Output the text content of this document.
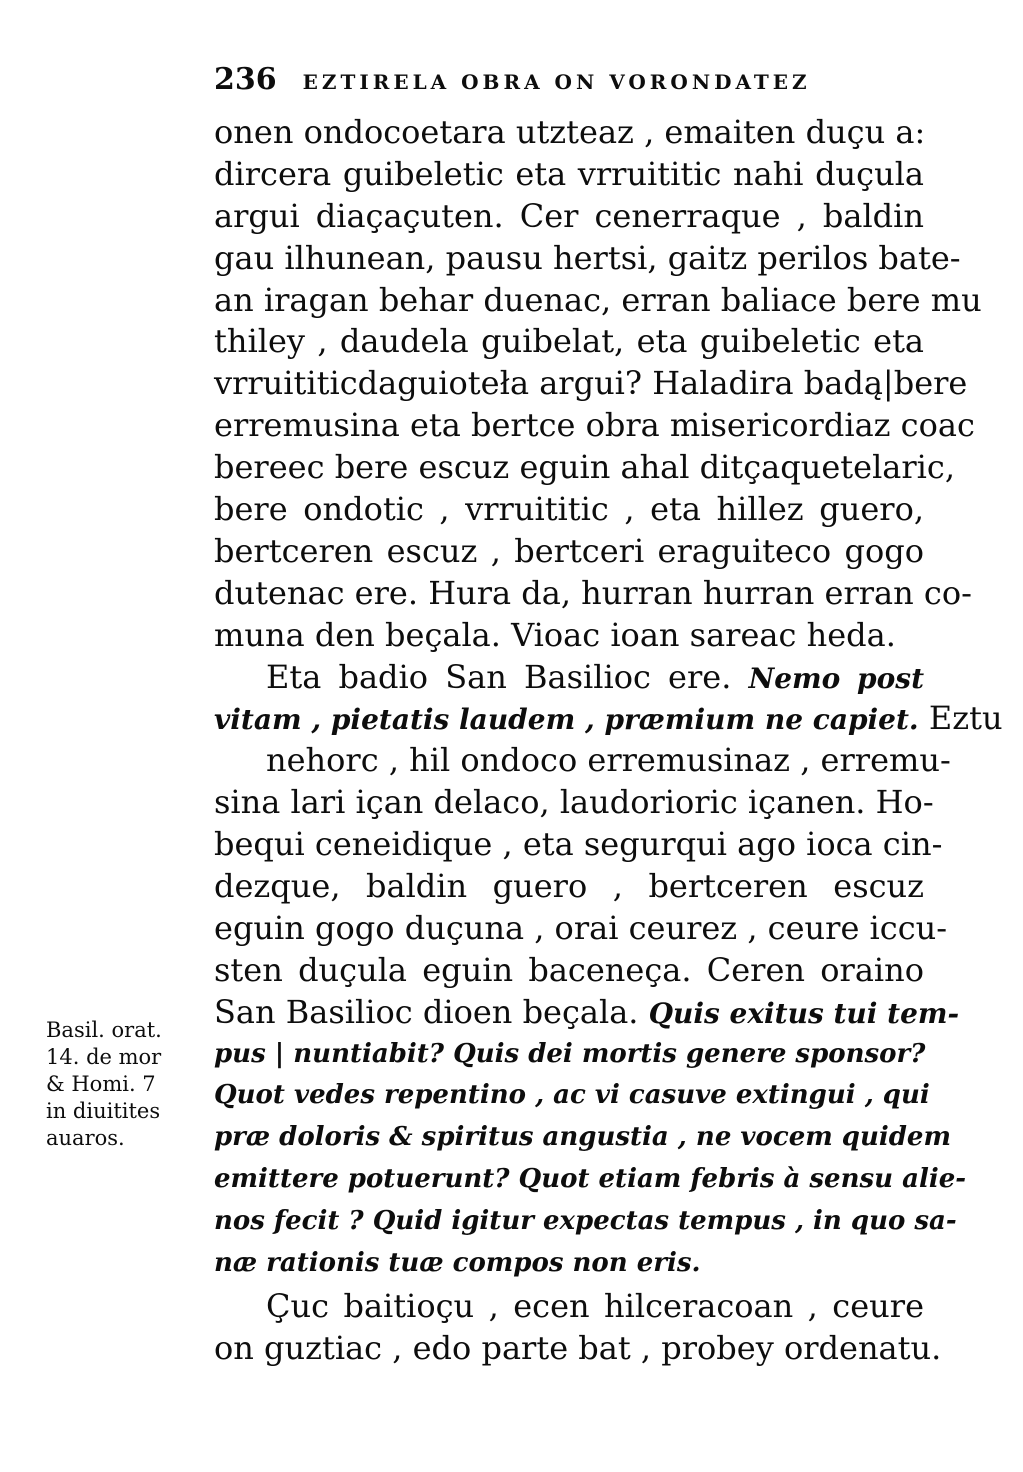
236 EZTIRELA OBRA ON VORONDATEZ
onen ondocoetara utzteaz , emaiten duçu a:
dircera guibeletic eta vrruititic nahi duçula
argui diaçaçuten. Cer cenerraque , baldin
gau ilhunean, pausu hertsi, gaitz perilos bate-
an iragan behar duenac, erran baliace bere mu
thiley , daudela guibelat, eta guibeletic eta
vrruititicdaguioteła argui? Haladira badą|bere
erremusina eta bertce obra misericordiaz coac
bereec bere escuz eguin ahal ditçaquetelaric,
bere ondotic , vrruititic , eta hillez guero,
bertceren escuz , bertceri eraguiteco gogo
dutenac ere. Hura da, hurran hurran erran co-
muna den beçala. Vioac ioan sareac heda.
Eta badio San Basilioc ere. Nemo post
vitam , pietatis laudem , præmium ne capiet. Eztu
nehorc , hil ondoco erremusinaz , erremu-
sina lari içan delaco, laudorioric içanen. Ho-
bequi ceneidique , eta segurqui ago ioca cin-
dezque, baldin guero , bertceren escuz
eguin gogo duçuna , orai ceurez , ceure iccu-
sten duçula eguin baceneça. Ceren oraino
San Basilioc dioen beçala. Quis exitus tui tem-
pus | nuntiabit? Quis dei mortis genere sponsor?
Quot vedes repentino , ac vi casuve extingui , qui
præ doloris & spiritus angustia , ne vocem quidem
emittere potuerunt? Quot etiam febris à sensu alie-
nos fecit ? Quid igitur expectas tempus , in quo sa-
næ rationis tuæ compos non eris.
Çuc baitioçu , ecen hilceracoan , ceure
on guztiac , edo parte bat , probey ordenatu.
Basil. orat.
14. de mor
& Homi. 7
in diuitites
auaros.
